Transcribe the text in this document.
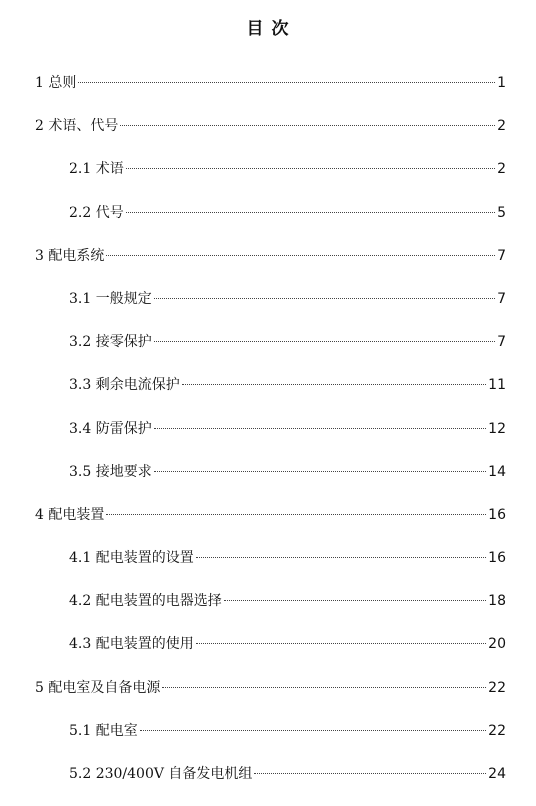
目 次
1 总则	1
2 术语、代号	2
2.1 术语	2
2.2 代号	5
3 配电系统	7
3.1 一般规定	7
3.2 接零保护	7
3.3 剩余电流保护	11
3.4 防雷保护	12
3.5 接地要求	14
4 配电装置	16
4.1 配电装置的设置	16
4.2 配电装置的电器选择	18
4.3 配电装置的使用	20
5 配电室及自备电源	22
5.1 配电室	22
5.2 230/400V 自备发电机组	24
